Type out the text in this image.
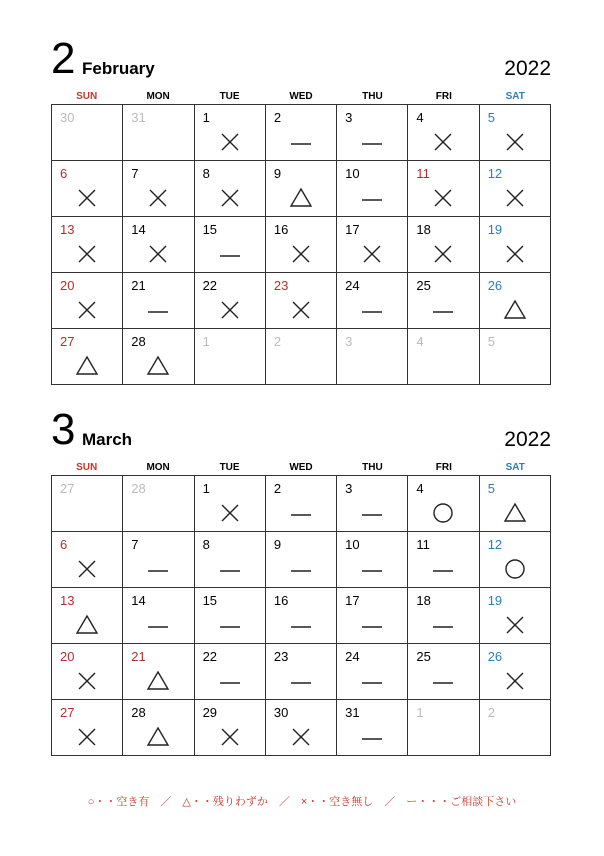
2 February	2022
SUN	MON	TUE	WED	THU	FRI	SAT
30	31	1	2	3	4	5
6	7	8	9	10	11	12
13	14	15	16	17	18	19
20	21	22	23	24	25	26
27	28	1	2	3	4	5
3 March	2022
SUN	MON	TUE	WED	THU	FRI	SAT
27	28	1	2	3	4	5
6	7	8	9	10	11	12
13	14	15	16	17	18	19
20	21	22	23	24	25	26
27	28	29	30	31	1	2
○・・空き有　／　△・・残りわずか　／　×・・空き無し　／　ー・・・ご相談下さい
